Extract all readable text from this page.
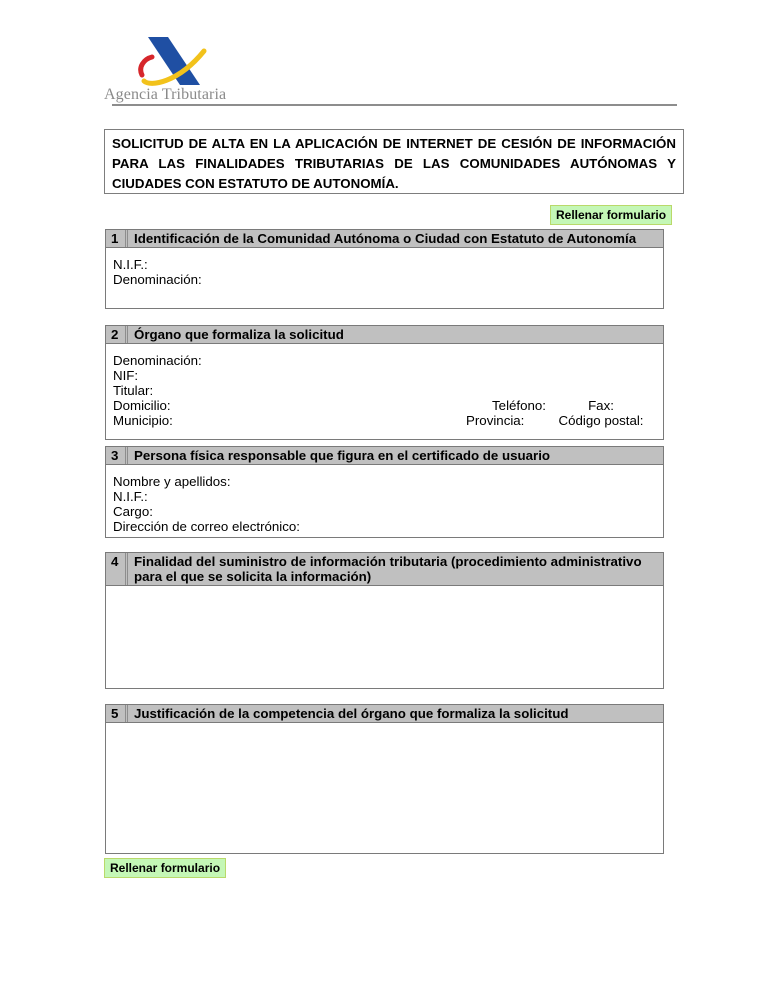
Agencia Tributaria
SOLICITUD DE ALTA EN LA APLICACIÓN DE INTERNET DE CESIÓN DE INFORMACIÓN PARA LAS FINALIDADES TRIBUTARIAS DE LAS COMUNIDADES AUTÓNOMAS Y CIUDADES CON ESTATUTO DE AUTONOMÍA.
Rellenar formulario
1	Identificación de la Comunidad Autónoma o Ciudad con Estatuto de Autonomía
N.I.F.:
Denominación:
2	Órgano que formaliza la solicitud
Denominación:
NIF:
Titular:
Domicilio:	Teléfono:	Fax:
Municipio:	Provincia:	Código postal:
3	Persona física responsable que figura en el certificado de usuario
Nombre y apellidos:
N.I.F.:
Cargo:
Dirección de correo electrónico:
4	Finalidad del suministro de información tributaria (procedimiento administrativo para el que se solicita la información)
5	Justificación de la competencia del órgano que formaliza la solicitud
Rellenar formulario
